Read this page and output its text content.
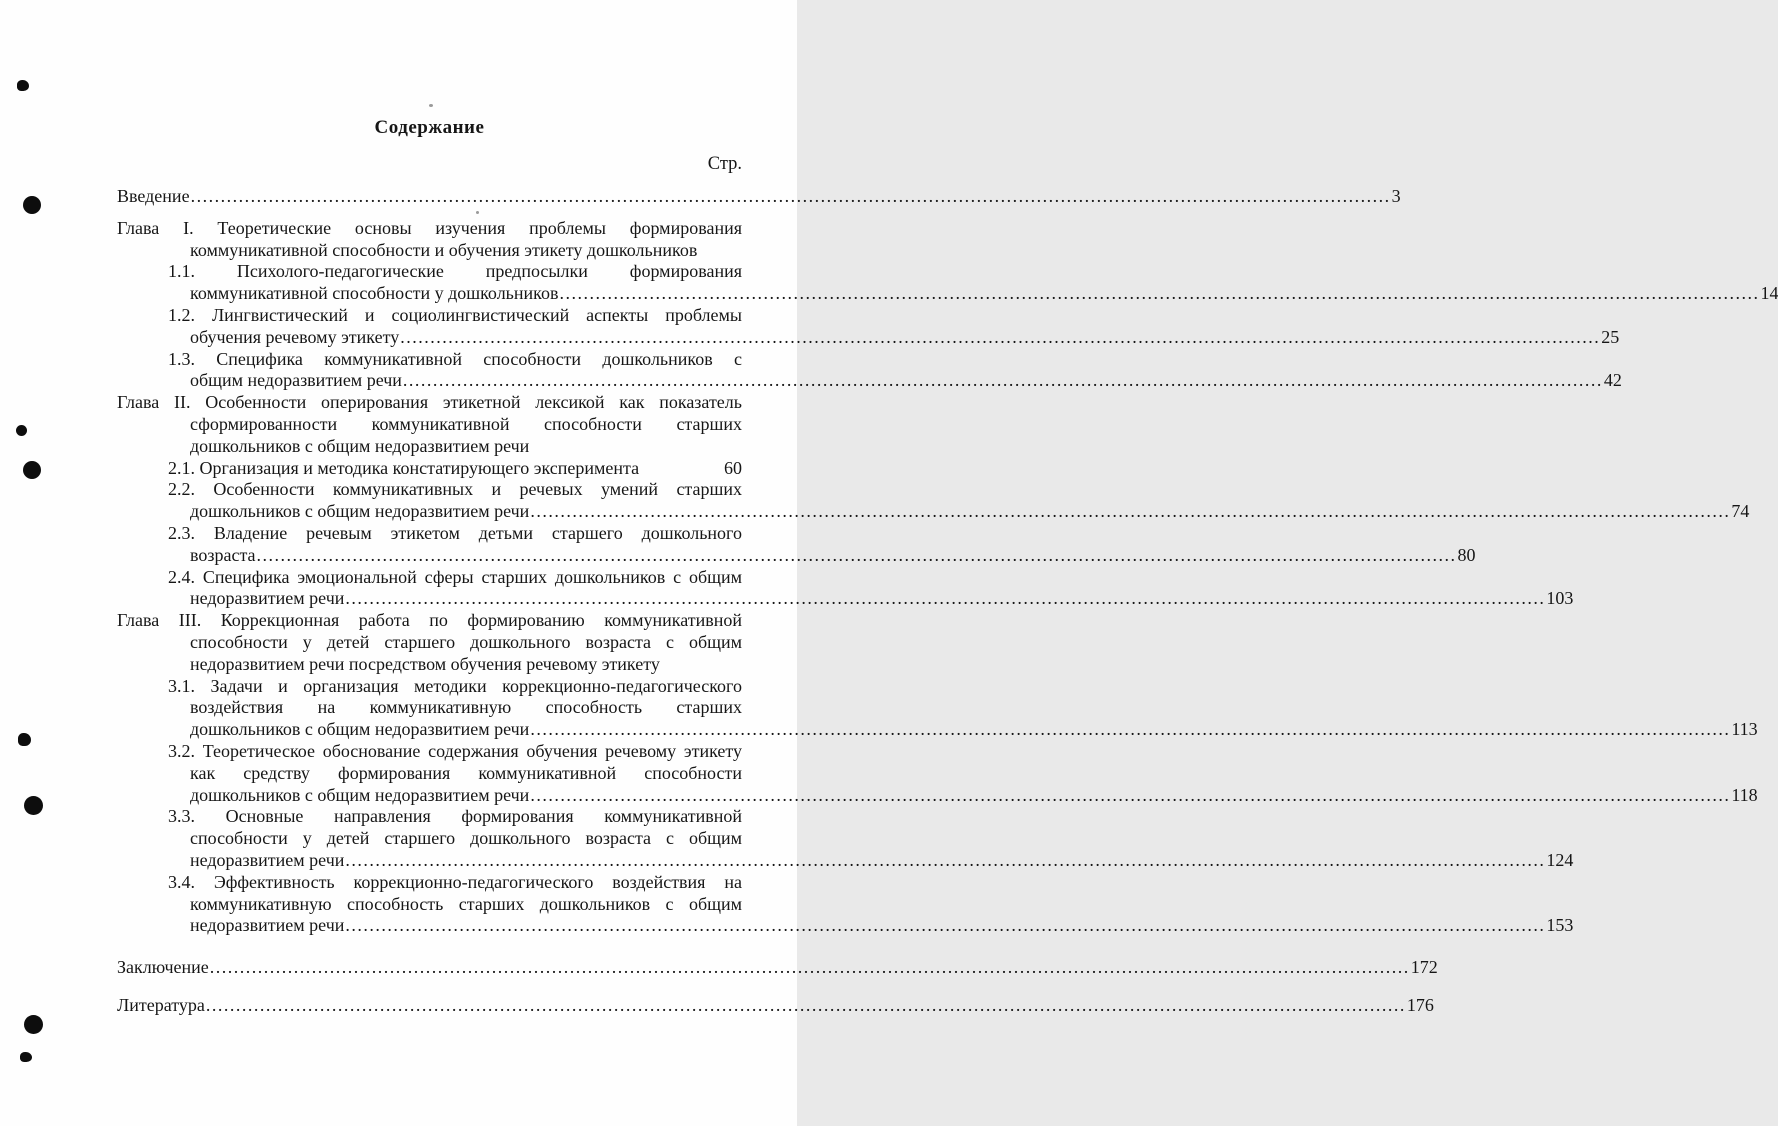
Содержание
Стр.
Введение ........................................................................................................................................................................................................ 3
Глава I. Теоретические основы изучения проблемы формирования
коммуникативной способности и обучения этикету дошкольников
1.1. Психолого-педагогические предпосылки формирования
коммуникативной способности у дошкольников ........................................................................................................................................................................................................ 14
1.2. Лингвистический и социолингвистический аспекты проблемы
обучения речевому этикету ........................................................................................................................................................................................................ 25
1.3. Специфика коммуникативной способности дошкольников с
общим недоразвитием речи ........................................................................................................................................................................................................ 42
Глава II. Особенности оперирования этикетной лексикой как показатель
сформированности коммуникативной способности старших
дошкольников с общим недоразвитием речи
2.1. Организация и методика констатирующего эксперимента	60
2.2. Особенности коммуникативных и речевых умений старших
дошкольников с общим недоразвитием речи ........................................................................................................................................................................................................ 74
2.3. Владение речевым этикетом детьми старшего дошкольного
возраста ........................................................................................................................................................................................................ 80
2.4. Специфика эмоциональной сферы старших дошкольников с общим
недоразвитием речи ........................................................................................................................................................................................................ 103
Глава III. Коррекционная работа по формированию коммуникативной
способности у детей старшего дошкольного возраста с общим
недоразвитием речи посредством обучения речевому этикету
3.1. Задачи и организация методики коррекционно-педагогического
воздействия на коммуникативную способность старших
дошкольников с общим недоразвитием речи ........................................................................................................................................................................................................ 113
3.2. Теоретическое обоснование содержания обучения речевому этикету
как средству формирования коммуникативной способности
дошкольников с общим недоразвитием речи ........................................................................................................................................................................................................ 118
3.3. Основные направления формирования коммуникативной
способности у детей старшего дошкольного возраста с общим
недоразвитием речи ........................................................................................................................................................................................................ 124
3.4. Эффективность коррекционно-педагогического воздействия на
коммуникативную способность старших дошкольников с общим
недоразвитием речи ........................................................................................................................................................................................................ 153
Заключение ........................................................................................................................................................................................................ 172
Литература ........................................................................................................................................................................................................ 176
